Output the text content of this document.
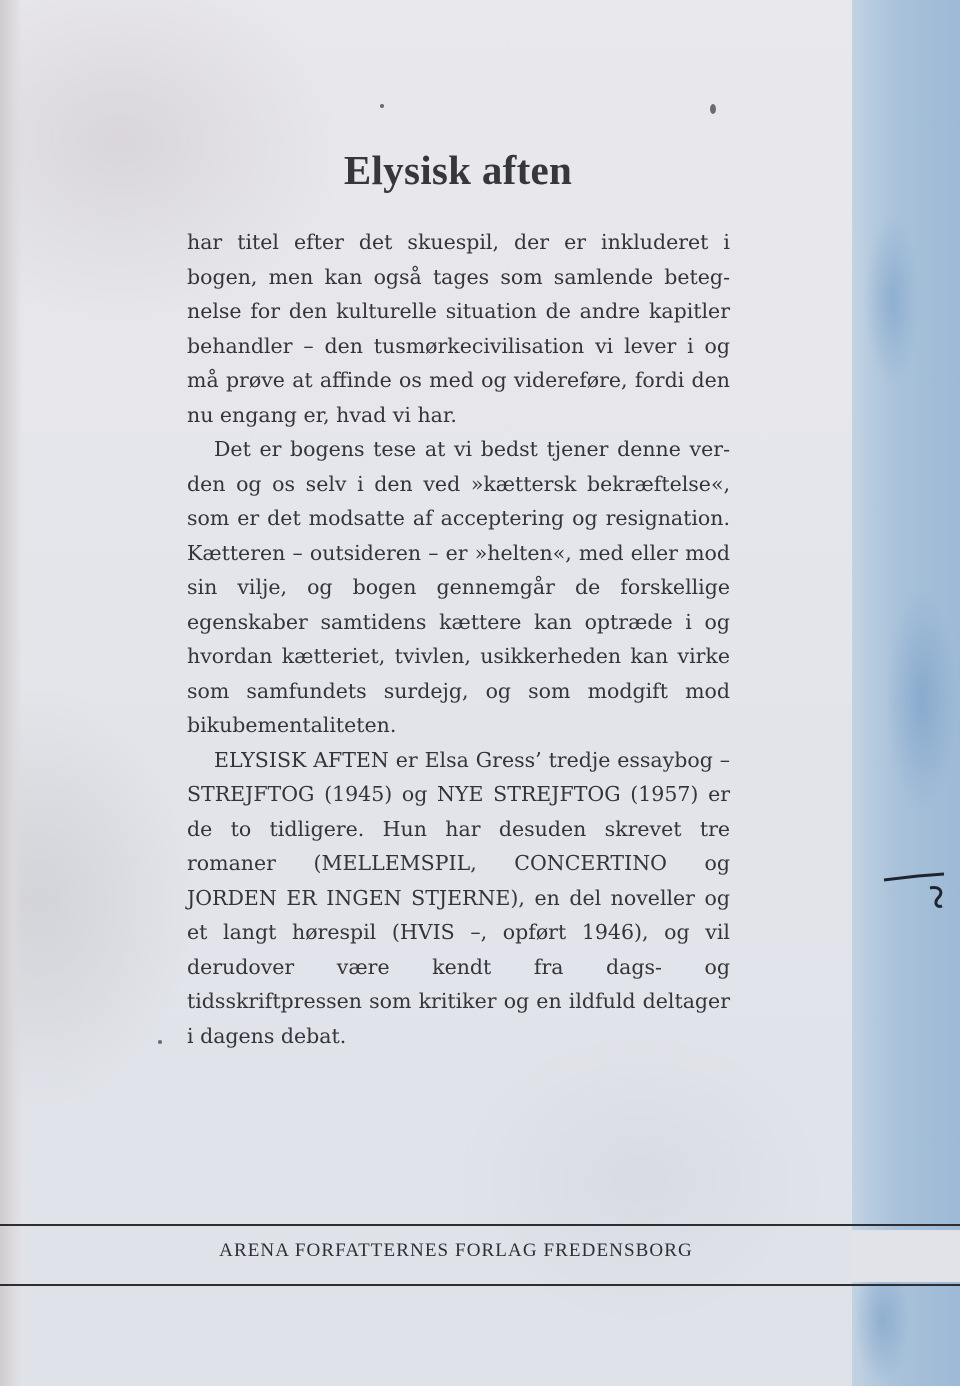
Elysisk aften

har titel efter det skuespil, der er inkluderet i bogen, men kan også tages som samlende betegnelse for den kulturelle situation de andre kapitler behandler – den tusmørkecivilisation vi lever i og må prøve at affinde os med og videreføre, fordi den nu engang er, hvad vi har.

Det er bogens tese at vi bedst tjener denne verden og os selv i den ved »kættersk bekræftelse«, som er det modsatte af acceptering og resignation. Kætteren – outsideren – er »helten«, med eller mod sin vilje, og bogen gennemgår de forskellige egenskaber samtidens kættere kan optræde i og hvordan kætteriet, tvivlen, usikkerheden kan virke som samfundets surdejg, og som modgift mod bikubementaliteten.

ELYSISK AFTEN er Elsa Gress’ tredje essaybog – STREJFTOG (1945) og NYE STREJFTOG (1957) er de to tidligere. Hun har desuden skrevet tre romaner (MELLEMSPIL, CONCERTINO og JORDEN ER INGEN STJERNE), en del noveller og et langt hørespil (HVIS –, opført 1946), og vil derudover være kendt fra dags- og tidsskriftpressen som kritiker og en ildfuld deltager i dagens debat.

ARENA FORFATTERNES FORLAG FREDENSBORG
